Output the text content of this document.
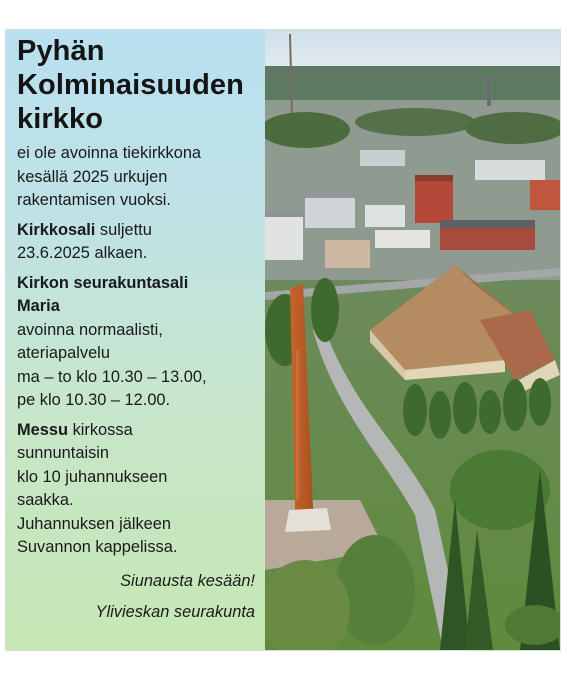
Pyhän
Kolminaisuuden
kirkko
ei ole avoinna tiekirkkona
kesällä 2025 urkujen
rakentamisen vuoksi.
Kirkkosali suljettu
23.6.2025 alkaen.
Kirkon seurakuntasali
Maria
avoinna normaalisti,
ateriapalvelu
ma – to klo 10.30 – 13.00,
pe klo 10.30 – 12.00.
Messu kirkossa
sunnuntaisin
klo 10 juhannukseen
saakka.
Juhannuksen jälkeen
Suvannon kappelissa.
Siunausta kesään!
Ylivieskan seurakunta
